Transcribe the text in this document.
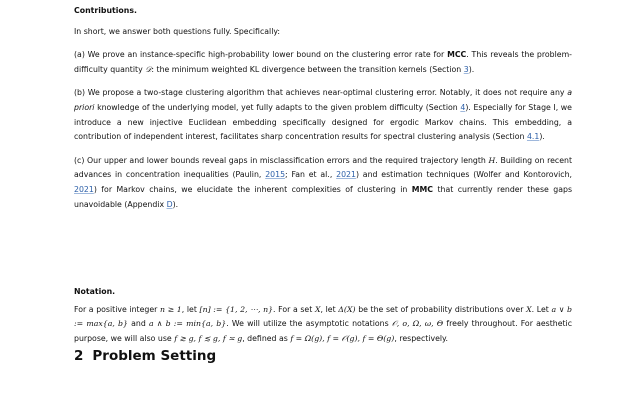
Contributions.

In short, we answer both questions fully. Specifically:

(a) We prove an instance-specific high-probability lower bound on the clustering error rate for MCC. This reveals the problem-difficulty quantity 𝒟: the minimum weighted KL divergence between the transition kernels (Section 3).

(b) We propose a two-stage clustering algorithm that achieves near-optimal clustering error. Notably, it does not require any a priori knowledge of the underlying model, yet fully adapts to the given problem difficulty (Section 4). Especially for Stage I, we introduce a new injective Euclidean embedding specifically designed for ergodic Markov chains. This embedding, a contribution of independent interest, facilitates sharp concentration results for spectral clustering analysis (Section 4.1).

(c) Our upper and lower bounds reveal gaps in misclassification errors and the required trajectory length H. Building on recent advances in concentration inequalities (Paulin, 2015; Fan et al., 2021) and estimation techniques (Wolfer and Kontorovich, 2021) for Markov chains, we elucidate the inherent complexities of clustering in MMC that currently render these gaps unavoidable (Appendix D).

Notation.

For a positive integer n ≥ 1, let [n] := {1, 2, ⋯, n}. For a set X, let Δ(X) be the set of probability distributions over X. Let a ∨ b := max{a, b} and a ∧ b := min{a, b}. We will utilize the asymptotic notations 𝒪, o, Ω, ω, Θ freely throughout. For aesthetic purpose, we will also use f ≳ g, f ≲ g, f ≍ g, defined as f = Ω(g), f = 𝒪(g), f = Θ(g), respectively.

2 Problem Setting
